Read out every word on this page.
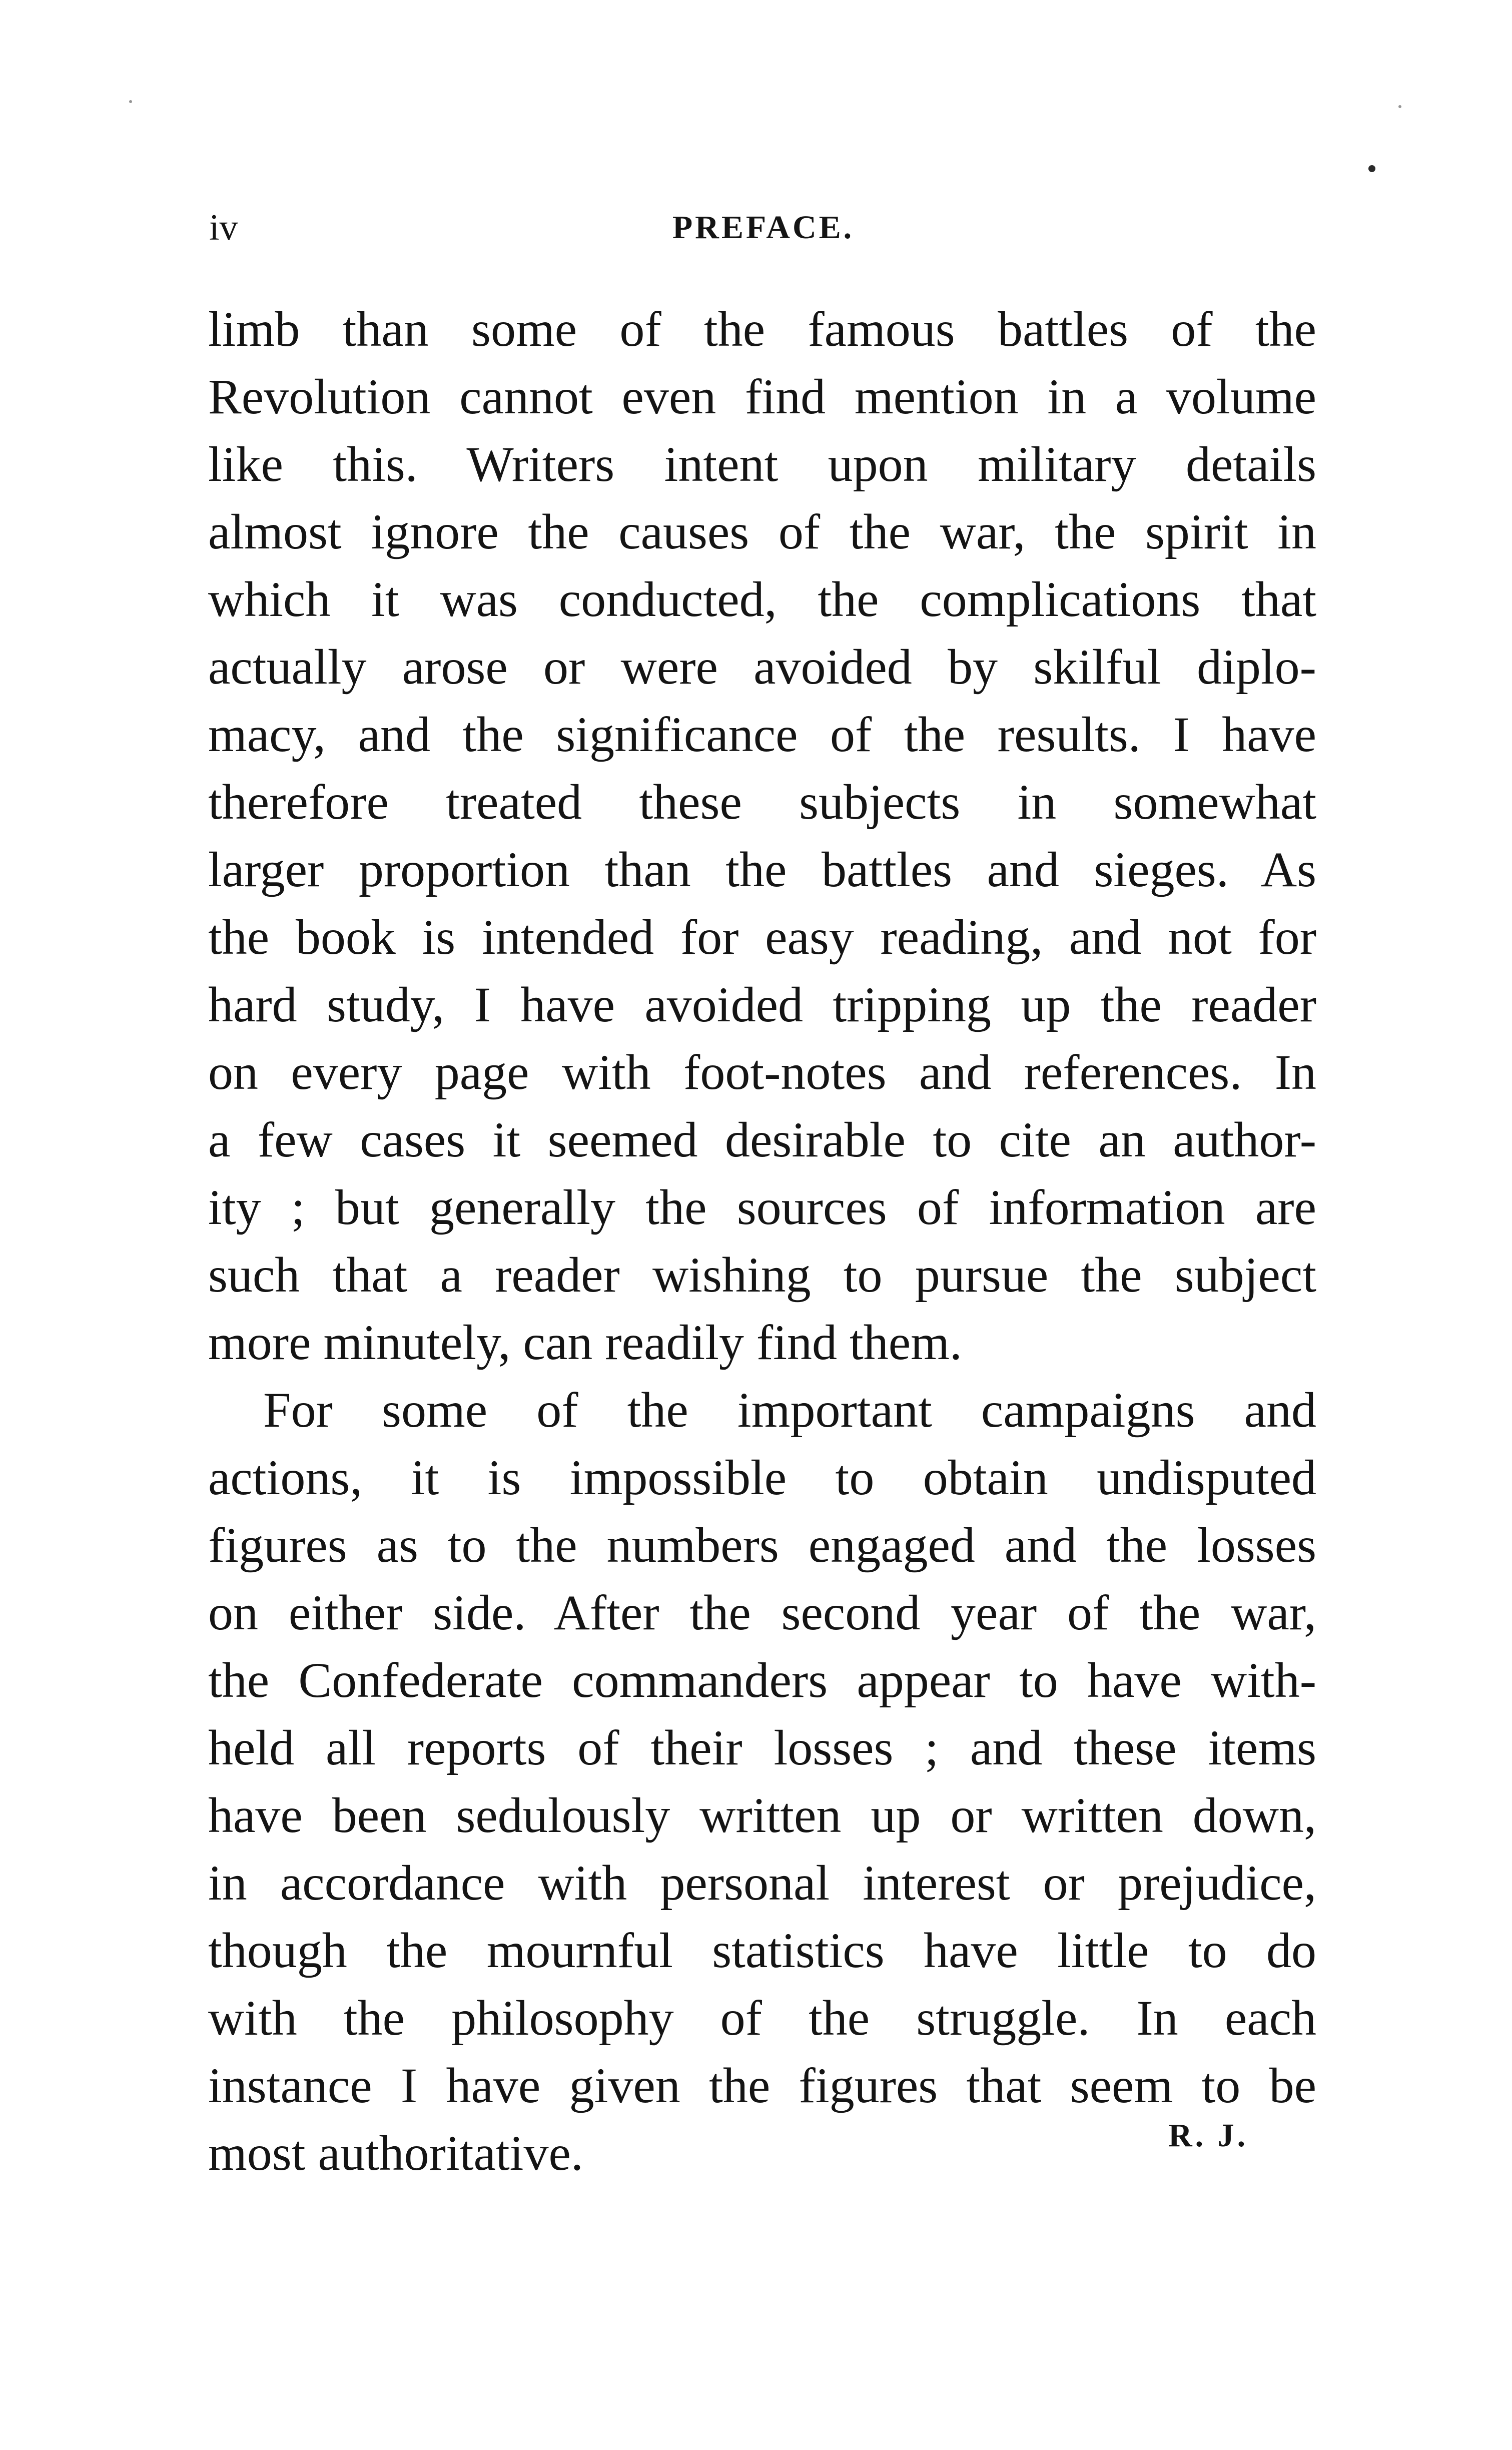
iv	PREFACE.
limb than some of the famous battles of the
Revolution cannot even find mention in a volume
like this. Writers intent upon military details
almost ignore the causes of the war, the spirit in
which it was conducted, the complications that
actually arose or were avoided by skilful diplo-
macy, and the significance of the results. I have
therefore treated these subjects in somewhat
larger proportion than the battles and sieges. As
the book is intended for easy reading, and not for
hard study, I have avoided tripping up the reader
on every page with foot-notes and references. In
a few cases it seemed desirable to cite an author-
ity ; but generally the sources of information are
such that a reader wishing to pursue the subject
more minutely, can readily find them.
For some of the important campaigns and
actions, it is impossible to obtain undisputed
figures as to the numbers engaged and the losses
on either side. After the second year of the war,
the Confederate commanders appear to have with-
held all reports of their losses ; and these items
have been sedulously written up or written down,
in accordance with personal interest or prejudice,
though the mournful statistics have little to do
with the philosophy of the struggle. In each
instance I have given the figures that seem to be
most authoritative.	R. J.
